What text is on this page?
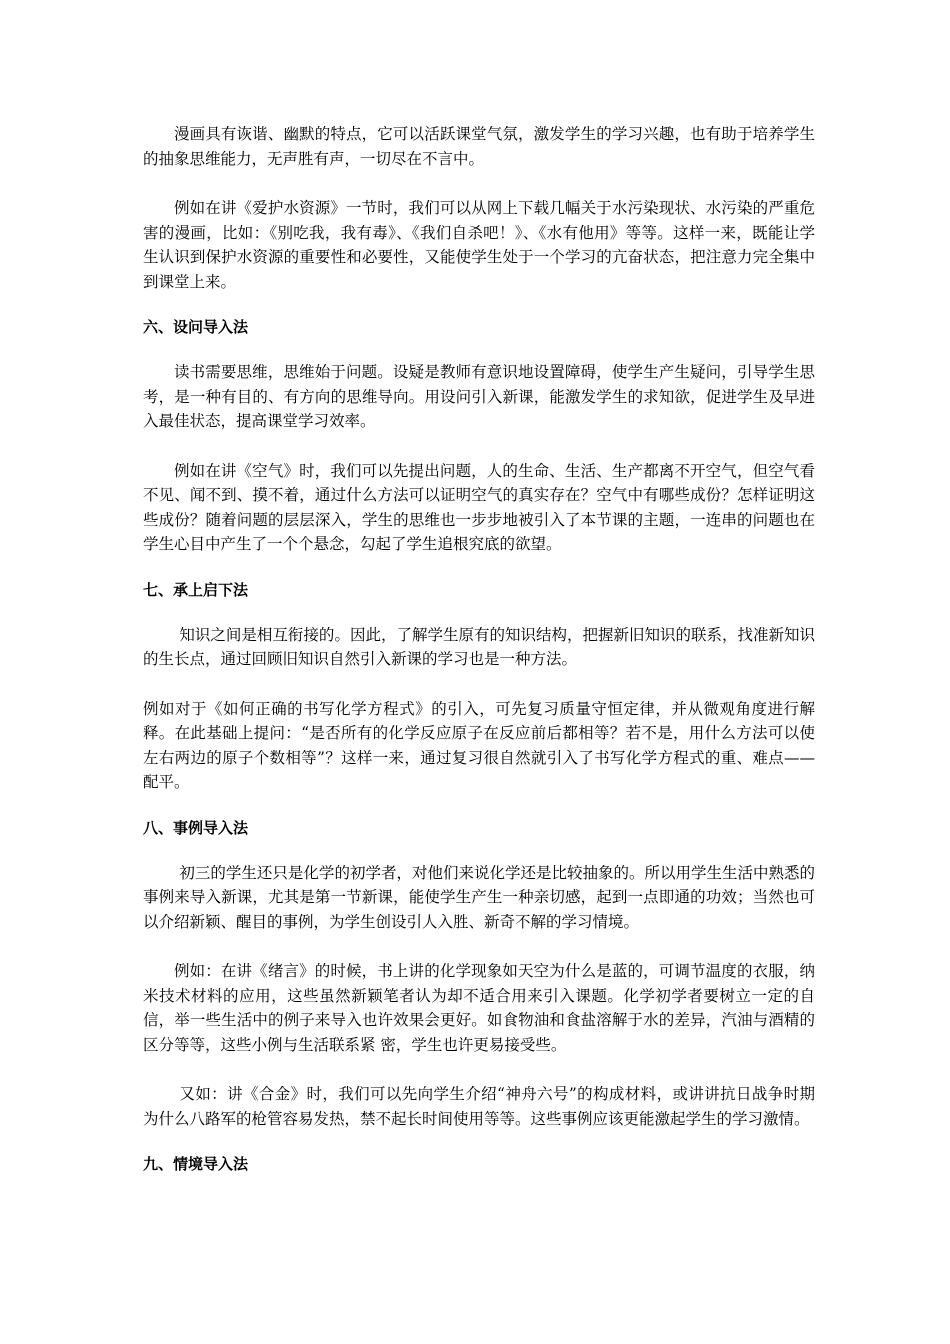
漫画具有诙谐、幽默的特点，它可以活跃课堂气氛，激发学生的学习兴趣，也有助于培养学生的抽象思维能力，无声胜有声，一切尽在不言中。

例如在讲《爱护水资源》一节时，我们可以从网上下载几幅关于水污染现状、水污染的严重危害的漫画，比如：《别吃我，我有毒》、《我们自杀吧！》、《水有他用》等等。这样一来，既能让学生认识到保护水资源的重要性和必要性，又能使学生处于一个学习的亢奋状态，把注意力完全集中到课堂上来。

六、设问导入法

读书需要思维，思维始于问题。设疑是教师有意识地设置障碍，使学生产生疑问，引导学生思考，是一种有目的、有方向的思维导向。用设问引入新课，能激发学生的求知欲，促进学生及早进入最佳状态，提高课堂学习效率。

例如在讲《空气》时，我们可以先提出问题，人的生命、生活、生产都离不开空气，但空气看不见、闻不到、摸不着，通过什么方法可以证明空气的真实存在？空气中有哪些成份？怎样证明这些成份？随着问题的层层深入，学生的思维也一步步地被引入了本节课的主题，一连串的问题也在学生心目中产生了一个个悬念，勾起了学生追根究底的欲望。

七、承上启下法

知识之间是相互衔接的。因此，了解学生原有的知识结构，把握新旧知识的联系，找准新知识的生长点，通过回顾旧知识自然引入新课的学习也是一种方法。

例如对于《如何正确的书写化学方程式》的引入，可先复习质量守恒定律，并从微观角度进行解释。在此基础上提问：“是否所有的化学反应原子在反应前后都相等？若不是，用什么方法可以使左右两边的原子个数相等”？这样一来，通过复习很自然就引入了书写化学方程式的重、难点——配平。

八、事例导入法

初三的学生还只是化学的初学者，对他们来说化学还是比较抽象的。所以用学生生活中熟悉的事例来导入新课，尤其是第一节新课，能使学生产生一种亲切感，起到一点即通的功效；当然也可以介绍新颖、醒目的事例，为学生创设引人入胜、新奇不解的学习情境。

例如：在讲《绪言》的时候，书上讲的化学现象如天空为什么是蓝的，可调节温度的衣服，纳米技术材料的应用，这些虽然新颖笔者认为却不适合用来引入课题。化学初学者要树立一定的自信，举一些生活中的例子来导入也许效果会更好。如食物油和食盐溶解于水的差异，汽油与酒精的区分等等，这些小例与生活联系紧 密，学生也许更易接受些。

又如：讲《合金》时，我们可以先向学生介绍“神舟六号”的构成材料，或讲讲抗日战争时期为什么八路军的枪管容易发热，禁不起长时间使用等等。这些事例应该更能激起学生的学习激情。

九、情境导入法
